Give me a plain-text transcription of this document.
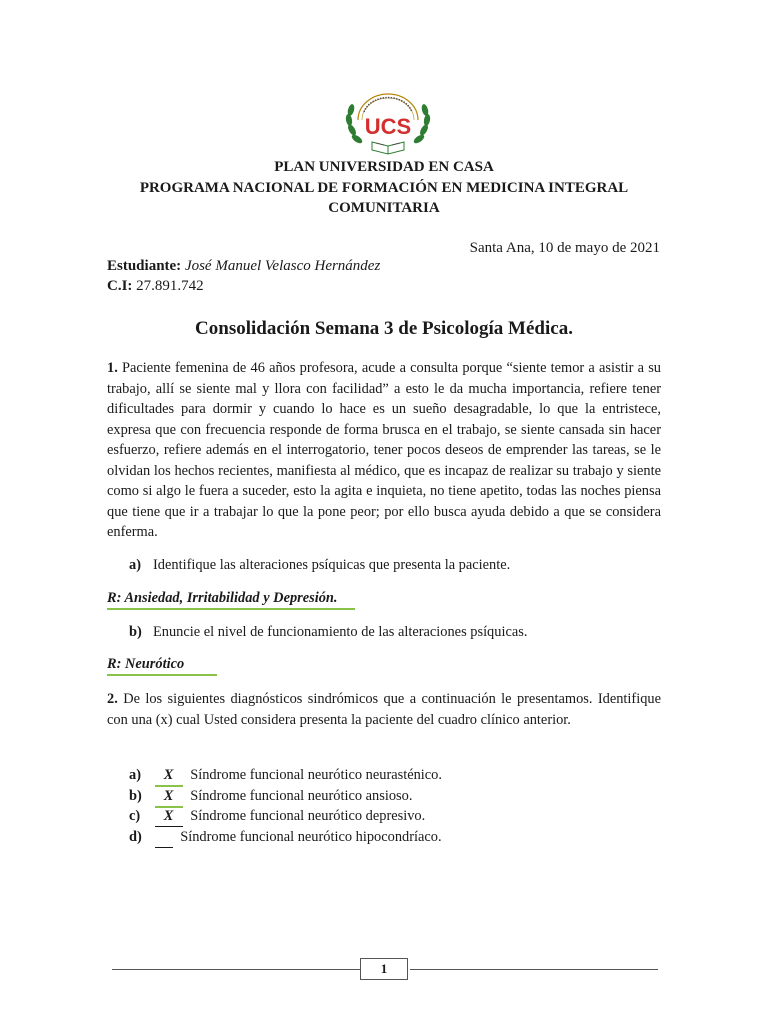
UCS
PLAN UNIVERSIDAD EN CASA
PROGRAMA NACIONAL DE FORMACIÓN EN MEDICINA INTEGRAL
COMUNITARIA
Santa Ana, 10 de mayo de 2021
Estudiante: José Manuel Velasco Hernández
C.I: 27.891.742
Consolidación Semana 3 de Psicología Médica.
1. Paciente femenina de 46 años profesora, acude a consulta porque “siente temor a asistir a su trabajo, allí se siente mal y llora con facilidad” a esto le da mucha importancia, refiere tener dificultades para dormir y cuando lo hace es un sueño desagradable, lo que la entristece, expresa que con frecuencia responde de forma brusca en el trabajo, se siente cansada sin hacer esfuerzo, refiere además en el interrogatorio, tener pocos deseos de emprender las tareas, se le olvidan los hechos recientes, manifiesta al médico, que es incapaz de realizar su trabajo y siente como si algo le fuera a suceder, esto la agita e inquieta, no tiene apetito, todas las noches piensa que tiene que ir a trabajar lo que la pone peor; por ello busca ayuda debido a que se considera enferma.
a) Identifique las alteraciones psíquicas que presenta la paciente.
R: Ansiedad, Irritabilidad y Depresión.
b) Enuncie el nivel de funcionamiento de las alteraciones psíquicas.
R: Neurótico
2. De los siguientes diagnósticos sindrómicos que a continuación le presentamos. Identifique con una (x) cual Usted considera presenta la paciente del cuadro clínico anterior.
a) X Síndrome funcional neurótico neurasténico.
b) X Síndrome funcional neurótico ansioso.
c) X Síndrome funcional neurótico depresivo.
d)	Síndrome funcional neurótico hipocondríaco.
1
